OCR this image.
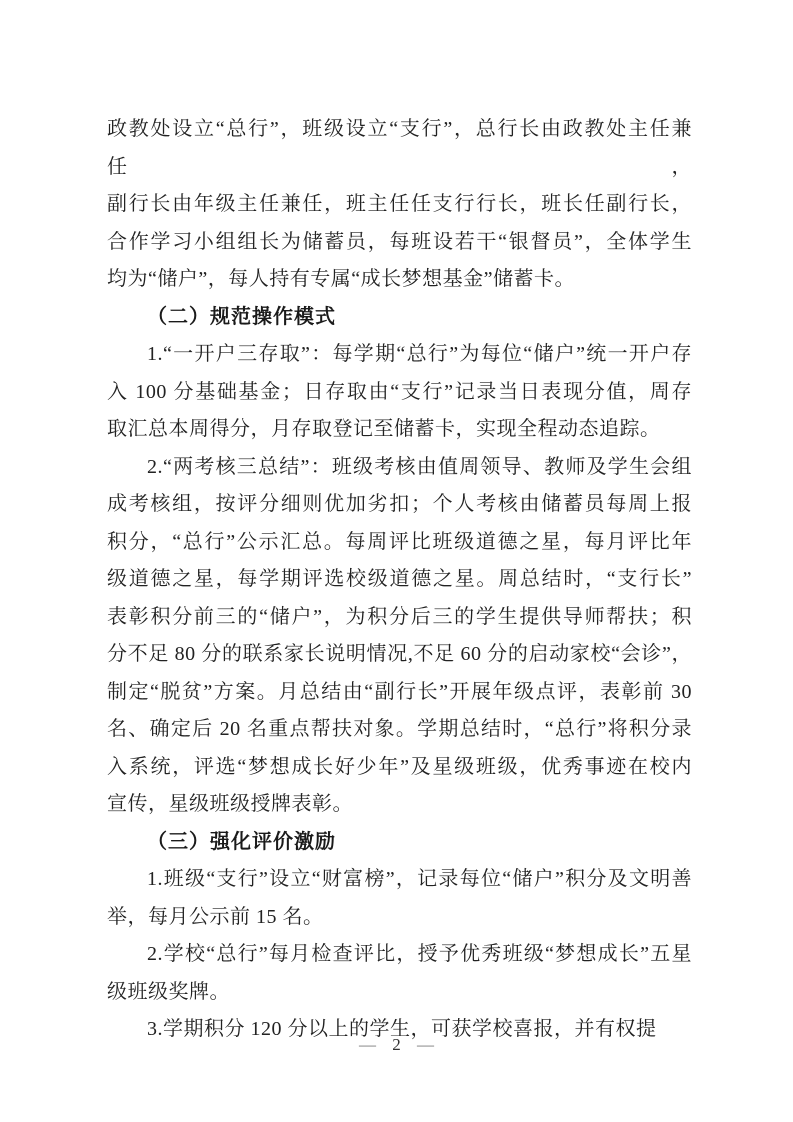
政教处设立“总行”，班级设立“支行”，总行长由政教处主任兼任，
副行长由年级主任兼任，班主任任支行行长，班长任副行长，
合作学习小组组长为储蓄员，每班设若干“银督员”，全体学生
均为“储户”，每人持有专属“成长梦想基金”储蓄卡。
（二）规范操作模式
1.“一开户三存取”：每学期“总行”为每位“储户”统一开户存
入 100 分基础基金；日存取由“支行”记录当日表现分值，周存
取汇总本周得分，月存取登记至储蓄卡，实现全程动态追踪。
2.“两考核三总结”：班级考核由值周领导、教师及学生会组
成考核组，按评分细则优加劣扣；个人考核由储蓄员每周上报
积分，“总行”公示汇总。每周评比班级道德之星，每月评比年
级道德之星，每学期评选校级道德之星。周总结时，“支行长”
表彰积分前三的“储户”，为积分后三的学生提供导师帮扶；积
分不足 80 分的联系家长说明情况,不足 60 分的启动家校“会诊”，
制定“脱贫”方案。月总结由“副行长”开展年级点评，表彰前 30
名、确定后 20 名重点帮扶对象。学期总结时，“总行”将积分录
入系统，评选“梦想成长好少年”及星级班级，优秀事迹在校内
宣传，星级班级授牌表彰。
（三）强化评价激励
1.班级“支行”设立“财富榜”，记录每位“储户”积分及文明善
举，每月公示前 15 名。
2.学校“总行”每月检查评比，授予优秀班级“梦想成长”五星
级班级奖牌。
3.学期积分 120 分以上的学生，可获学校喜报，并有权提
— 2 —
